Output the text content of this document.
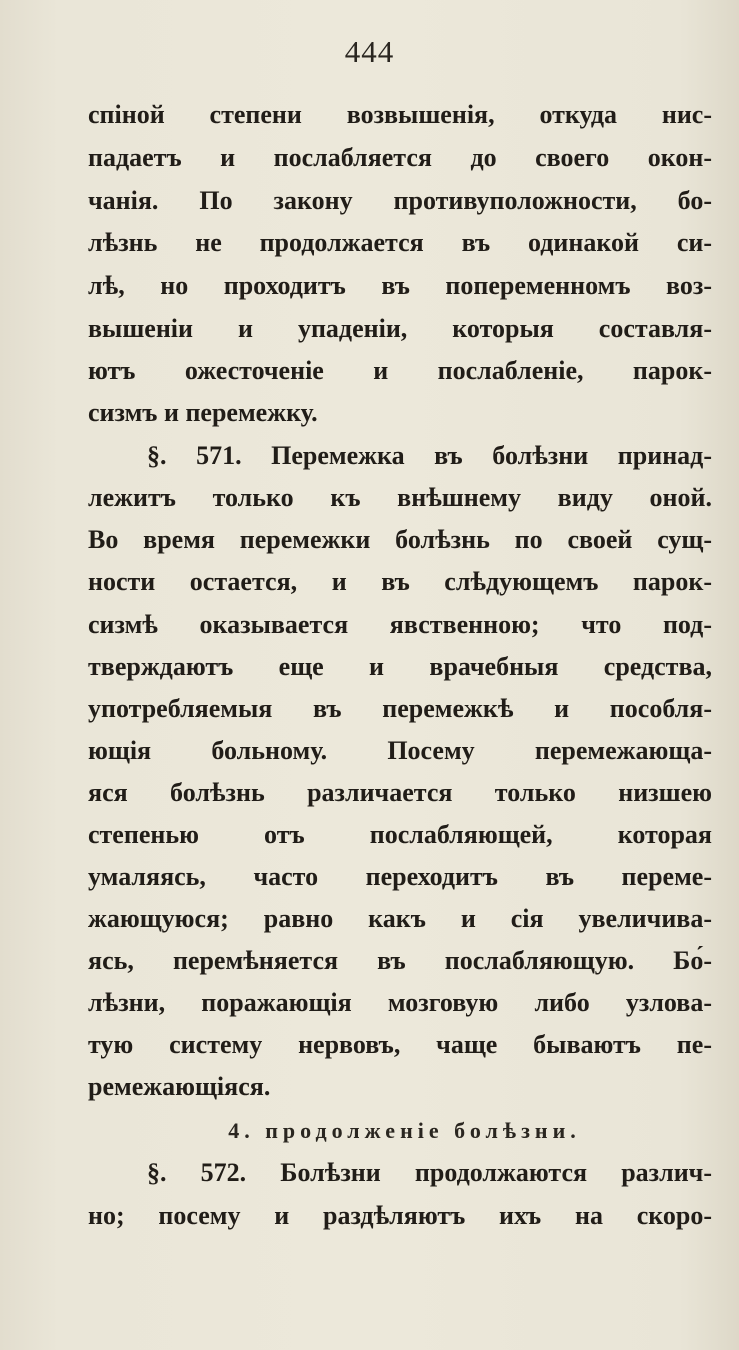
444
спіной степени возвышенія, откуда нис-
падаетъ и послабляется до своего окон-
чанія. По закону противуположности, бо-
лѣзнь не продолжается въ одинакой си-
лѣ, но проходитъ въ попеременномъ воз-
вышеніи и упаденіи, которыя составля-
ютъ ожесточеніе и послабленіе, парок-
сизмъ и перемежку.
§. 571. Перемежка въ болѣзни принад-
лежитъ только къ внѣшнему виду оной.
Во время перемежки болѣзнь по своей сущ-
ности остается, и въ слѣдующемъ парок-
сизмѣ оказывается явственною; что под-
тверждаютъ еще и врачебныя средства,
употребляемыя въ перемежкѣ и пособля-
ющія больному. Посему перемежающа-
яся болѣзнь различается только низшею
степенью отъ послабляющей, которая
умаляясь, часто переходитъ въ переме-
жающуюся; равно какъ и сія увеличива-
ясь, перемѣняется въ послабляющую. Бо́-
лѣзни, поражающія мозговую либо узлова-
тую систему нервовъ, чаще бываютъ пе-
ремежающіяся.
4. продолженіе болѣзни.
§. 572. Болѣзни продолжаются различ-
но; посему и раздѣляютъ ихъ на скоро-
